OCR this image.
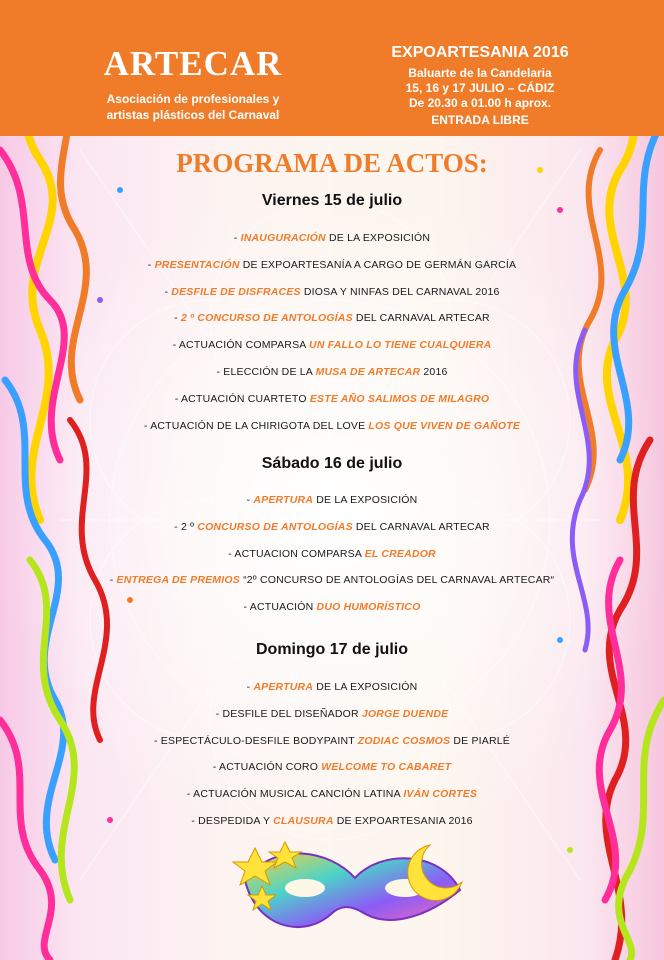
ARTECAR
Asociación de profesionales y
artistas plásticos del Carnaval
EXPOARTESANIA 2016
Baluarte de la Candelaria
15, 16 y 17 JULIO – CÁDIZ
De 20.30 a 01.00 h aprox.
ENTRADA LIBRE
PROGRAMA DE ACTOS:
Viernes 15 de julio
- INAUGURACIÓN DE LA EXPOSICIÓN
- PRESENTACIÓN DE EXPOARTESANÍA A CARGO DE GERMÁN GARCÍA
- DESFILE DE DISFRACES DIOSA Y NINFAS DEL CARNAVAL 2016
- 2 º CONCURSO DE ANTOLOGÍAS DEL CARNAVAL ARTECAR
- ACTUACIÓN COMPARSA UN FALLO LO TIENE CUALQUIERA
- ELECCIÓN DE LA MUSA DE ARTECAR 2016
- ACTUACIÓN CUARTETO ESTE AÑO SALIMOS DE MILAGRO
- ACTUACIÓN DE LA CHIRIGOTA DEL LOVE LOS QUE VIVEN DE GAÑOTE
Sábado 16 de julio
- APERTURA DE LA EXPOSICIÓN
- 2 º CONCURSO DE ANTOLOGÍAS DEL CARNAVAL ARTECAR
- ACTUACION COMPARSA EL CREADOR
- ENTREGA DE PREMIOS “2º CONCURSO DE ANTOLOGÍAS DEL CARNAVAL ARTECAR“
- ACTUACIÓN DUO HUMORÍSTICO
Domingo 17 de julio
- APERTURA DE LA EXPOSICIÓN
- DESFILE DEL DISEÑADOR JORGE DUENDE
- ESPECTÁCULO-DESFILE BODYPAINT ZODIAC COSMOS DE PIARLÉ
- ACTUACIÓN CORO WELCOME TO CABARET
- ACTUACIÓN MUSICAL CANCIÓN LATINA IVÁN CORTES
- DESPEDIDA Y CLAUSURA DE EXPOARTESANIA 2016
